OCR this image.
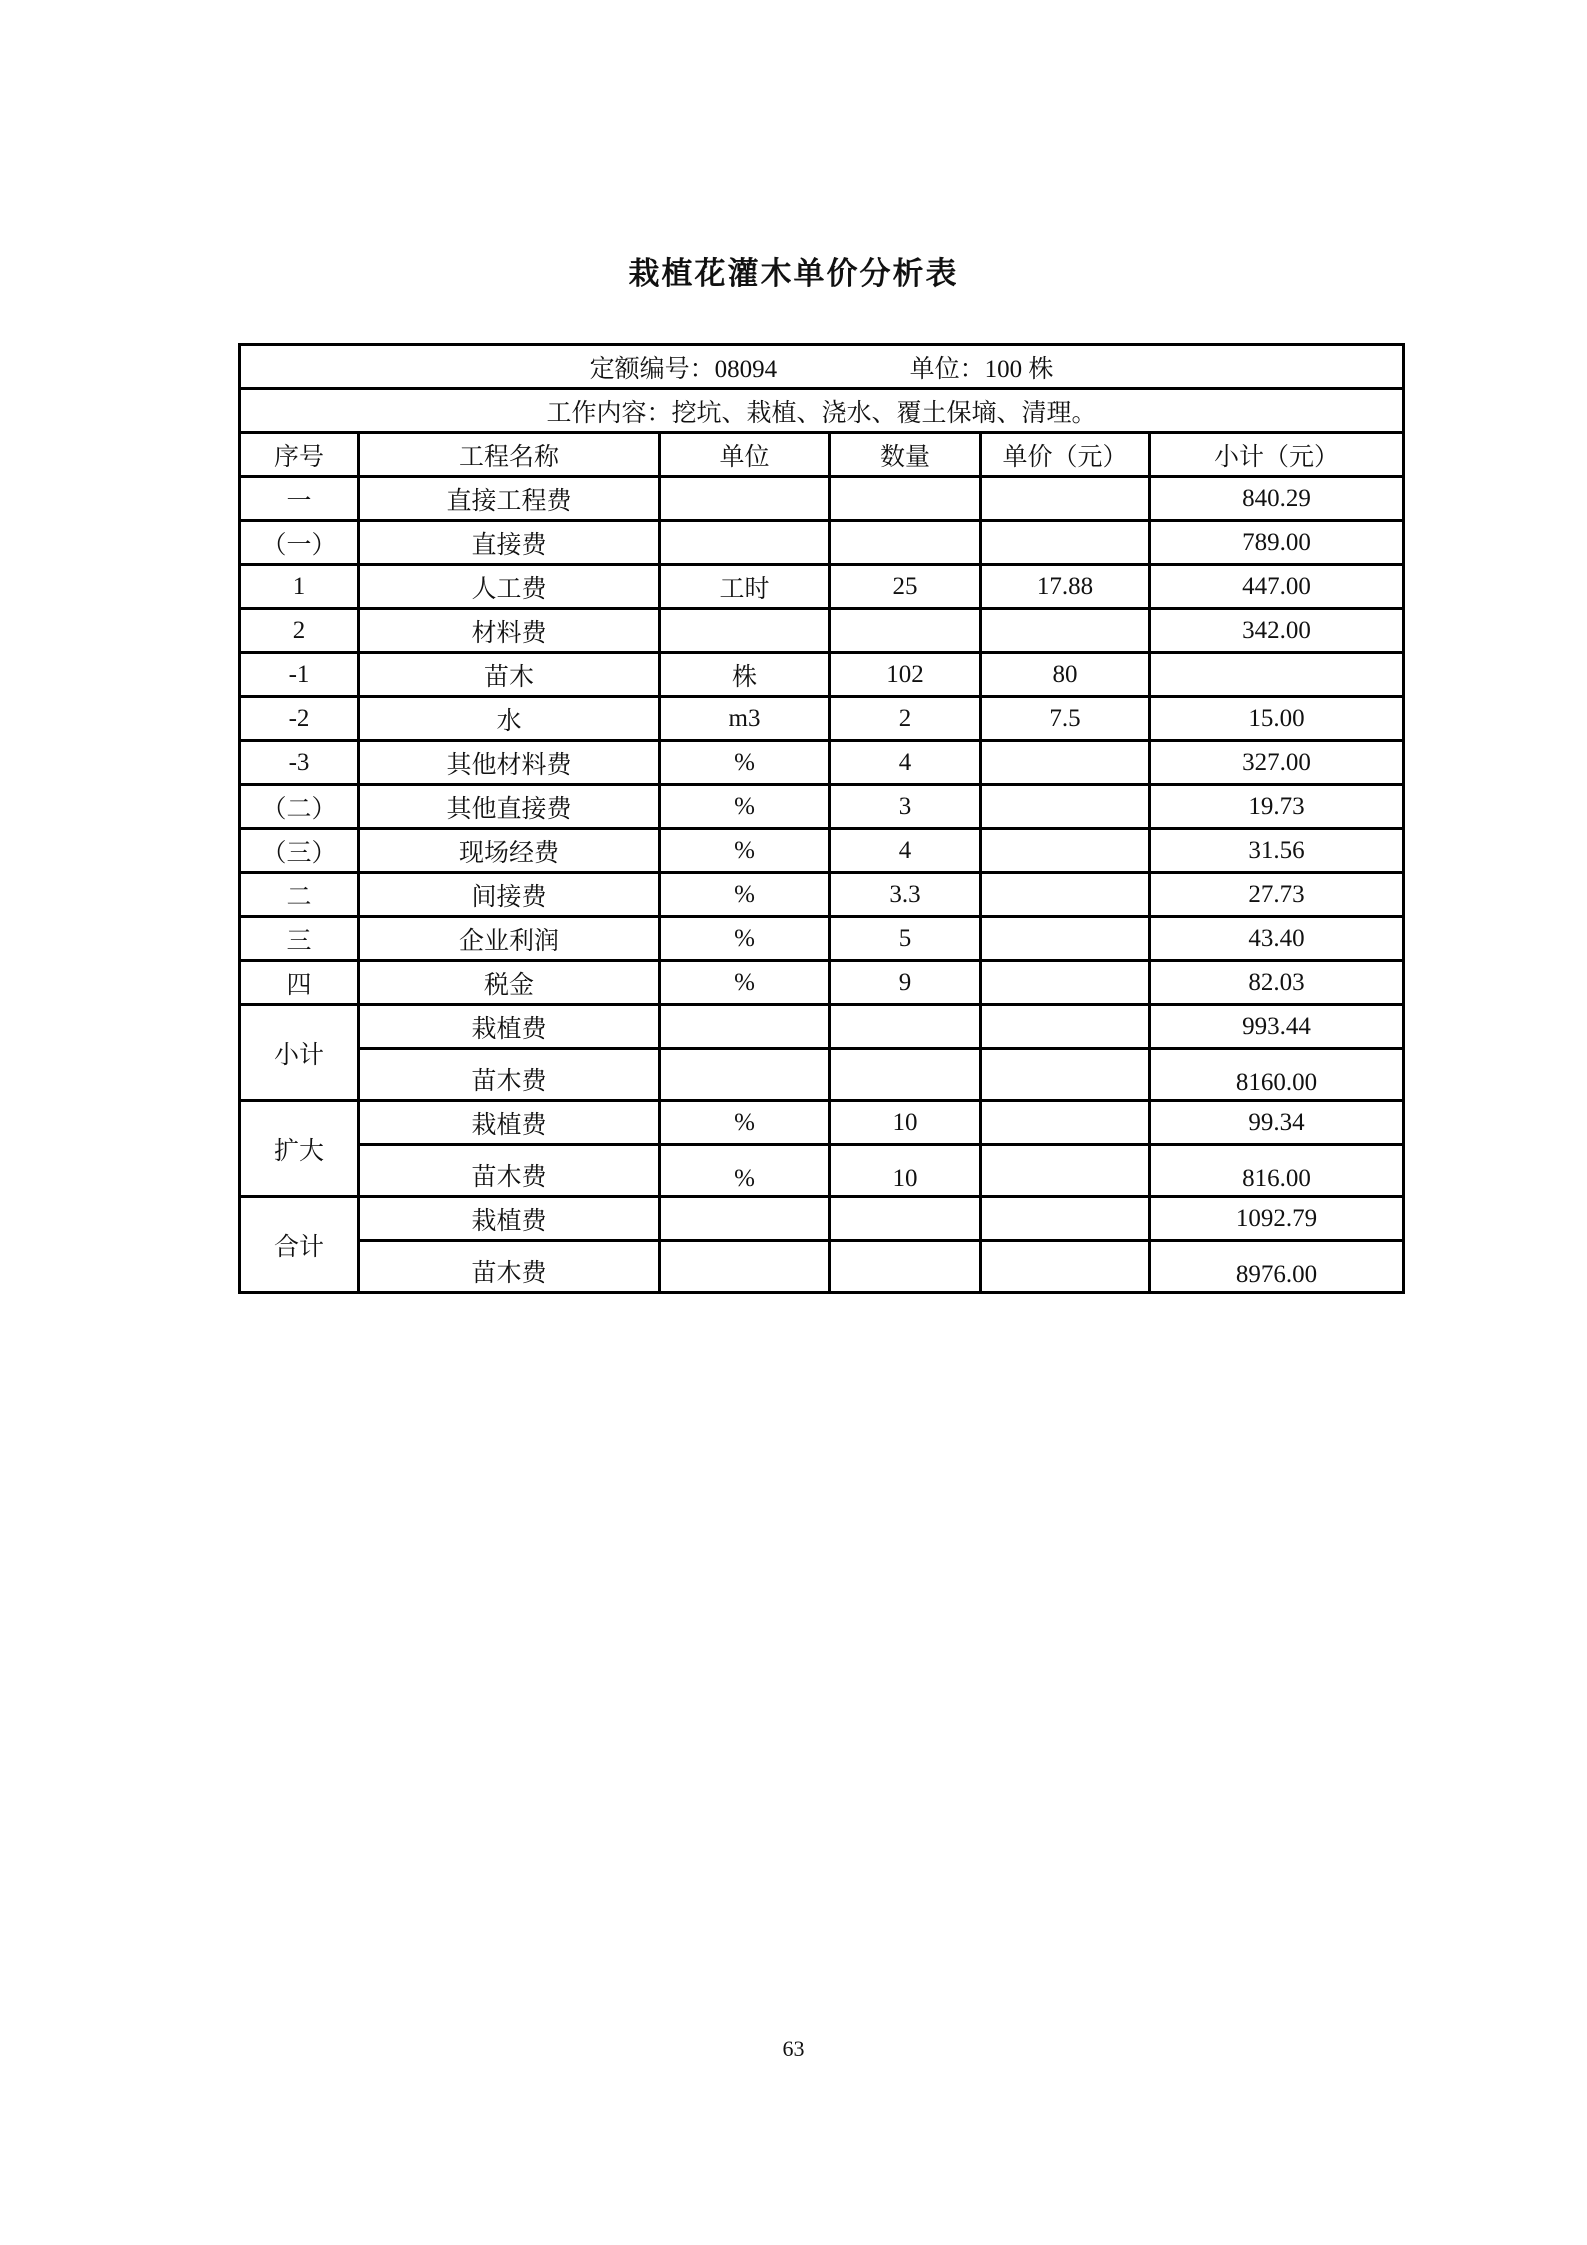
栽植花灌木单价分析表
定额编号：08094 单位：100 株					
工作内容：挖坑、栽植、浇水、覆土保墒、清理。					
序号	工程名称	单位	数量	单价（元）	小计（元）
一	直接工程费				840.29
（一）	直接费				789.00
1	人工费	工时	25	17.88	447.00
2	材料费				342.00
-1	苗木	株	102	80	
-2	水	m3	2	7.5	15.00
-3	其他材料费	%	4		327.00
（二）	其他直接费	%	3		19.73
（三）	现场经费	%	4		31.56
二	间接费	%	3.3		27.73
三	企业利润	%	5		43.40
四	税金	%	9		82.03
小计	栽植费				993.44
	苗木费				8160.00
扩大	栽植费	%	10		99.34
	苗木费	%	10		816.00
合计	栽植费				1092.79
	苗木费				8976.00
63
